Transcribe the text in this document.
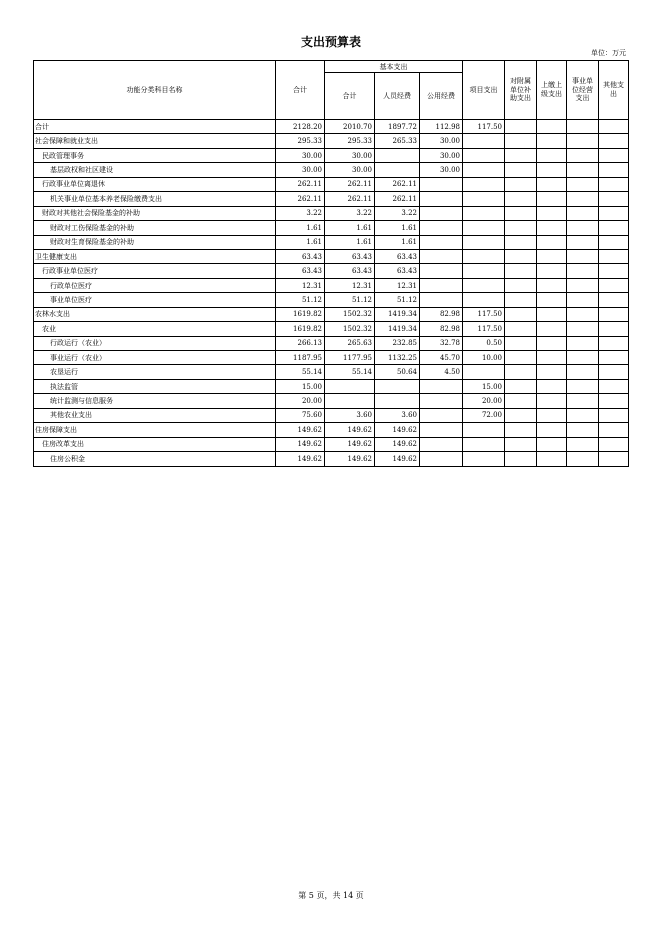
支出预算表
单位：万元
功能分类科目名称	合计	基本支出			项目支出	对附属单位补助支出	上缴上级支出	事业单位经营支出	其他支出
		合计	人员经费	公用经费					
合计	2128.20	2010.70	1897.72	112.98	117.50				
社会保障和就业支出	295.33	295.33	265.33	30.00					
民政管理事务	30.00	30.00		30.00					
基层政权和社区建设	30.00	30.00		30.00					
行政事业单位离退休	262.11	262.11	262.11						
机关事业单位基本养老保险缴费支出	262.11	262.11	262.11						
财政对其他社会保险基金的补助	3.22	3.22	3.22						
财政对工伤保险基金的补助	1.61	1.61	1.61						
财政对生育保险基金的补助	1.61	1.61	1.61						
卫生健康支出	63.43	63.43	63.43						
行政事业单位医疗	63.43	63.43	63.43						
行政单位医疗	12.31	12.31	12.31						
事业单位医疗	51.12	51.12	51.12						
农林水支出	1619.82	1502.32	1419.34	82.98	117.50				
农业	1619.82	1502.32	1419.34	82.98	117.50				
行政运行（农业）	266.13	265.63	232.85	32.78	0.50				
事业运行（农业）	1187.95	1177.95	1132.25	45.70	10.00				
农垦运行	55.14	55.14	50.64	4.50					
执法监管	15.00				15.00				
统计监测与信息服务	20.00				20.00				
其他农业支出	75.60	3.60	3.60		72.00				
住房保障支出	149.62	149.62	149.62						
住房改革支出	149.62	149.62	149.62						
住房公积金	149.62	149.62	149.62						
第 5 页，共 14 页
